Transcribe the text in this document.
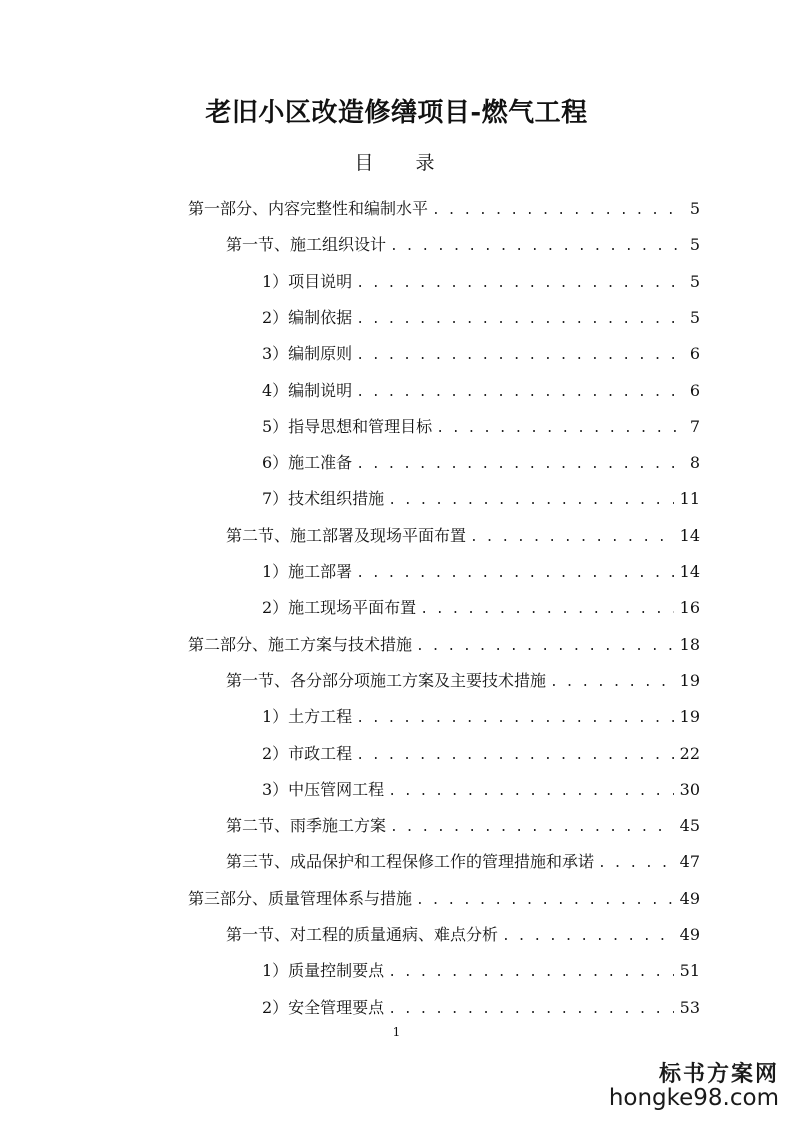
老旧小区改造修缮项目-燃气工程
目 录
第一部分、内容完整性和编制水平 . . .	5
第一节、施工组织设计 . . .	5
1）项目说明 . . .	5
2）编制依据 . . .	5
3）编制原则 . . .	6
4）编制说明 . . .	6
5）指导思想和管理目标 . . .	7
6）施工准备 . . .	8
7）技术组织措施 . . .	11
第二节、施工部署及现场平面布置 . . .	14
1）施工部署 . . .	14
2）施工现场平面布置 . . .	16
第二部分、施工方案与技术措施 . . .	18
第一节、各分部分项施工方案及主要技术措施 . . .	19
1）土方工程 . . .	19
2）市政工程 . . .	22
3）中压管网工程 . . .	30
第二节、雨季施工方案 . . .	45
第三节、成品保护和工程保修工作的管理措施和承诺 . . .	47
第三部分、质量管理体系与措施 . . .	49
第一节、对工程的质量通病、难点分析 . . .	49
1）质量控制要点 . . .	51
2）安全管理要点 . . .	53
1
标书方案网
hongke98.com
